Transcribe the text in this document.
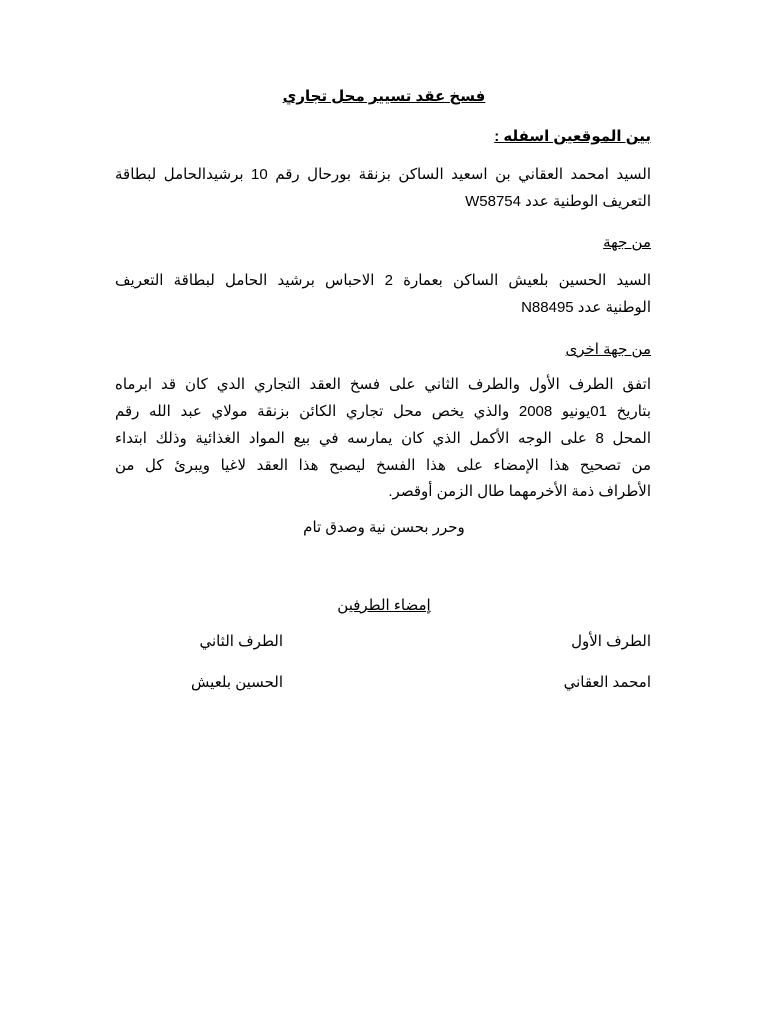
فسخ عقد تسيير محل تجاري
بين الموقعين اسفله :
السيد امحمد العقاني بن اسعيد الساكن بزنقة بورحال رقم 10 برشيدالحامل لبطاقة
التعريف الوطنية عدد W58754
من جهة
السيد الحسين بلعيش الساكن بعمارة 2 الاحباس برشيد الحامل لبطاقة التعريف
الوطنية عدد N88495
من جهة اخرى
اتفق الطرف الأول والطرف الثاني على فسخ العقد التجاري الدي كان قد ابرماه
بتاريخ 01يونيو 2008 والذي يخص محل تجاري الكائن بزنقة مولاي عبد الله رقم
المحل 8 على الوجه الأكمل الذي كان يمارسه في بيع المواد الغذائية وذلك ابتداء
من تصحيح هذا الإمضاء على هذا الفسخ ليصبح هذا العقد لاغيا ويبرئ كل من
الأطراف ذمة الأخرمهما طال الزمن أوقصر.
وحرر بحسن نية وصدق تام
إمضاء الطرفين
الطرف الأول
الطرف الثاني
امحمد العقاني
الحسين بلعيش
